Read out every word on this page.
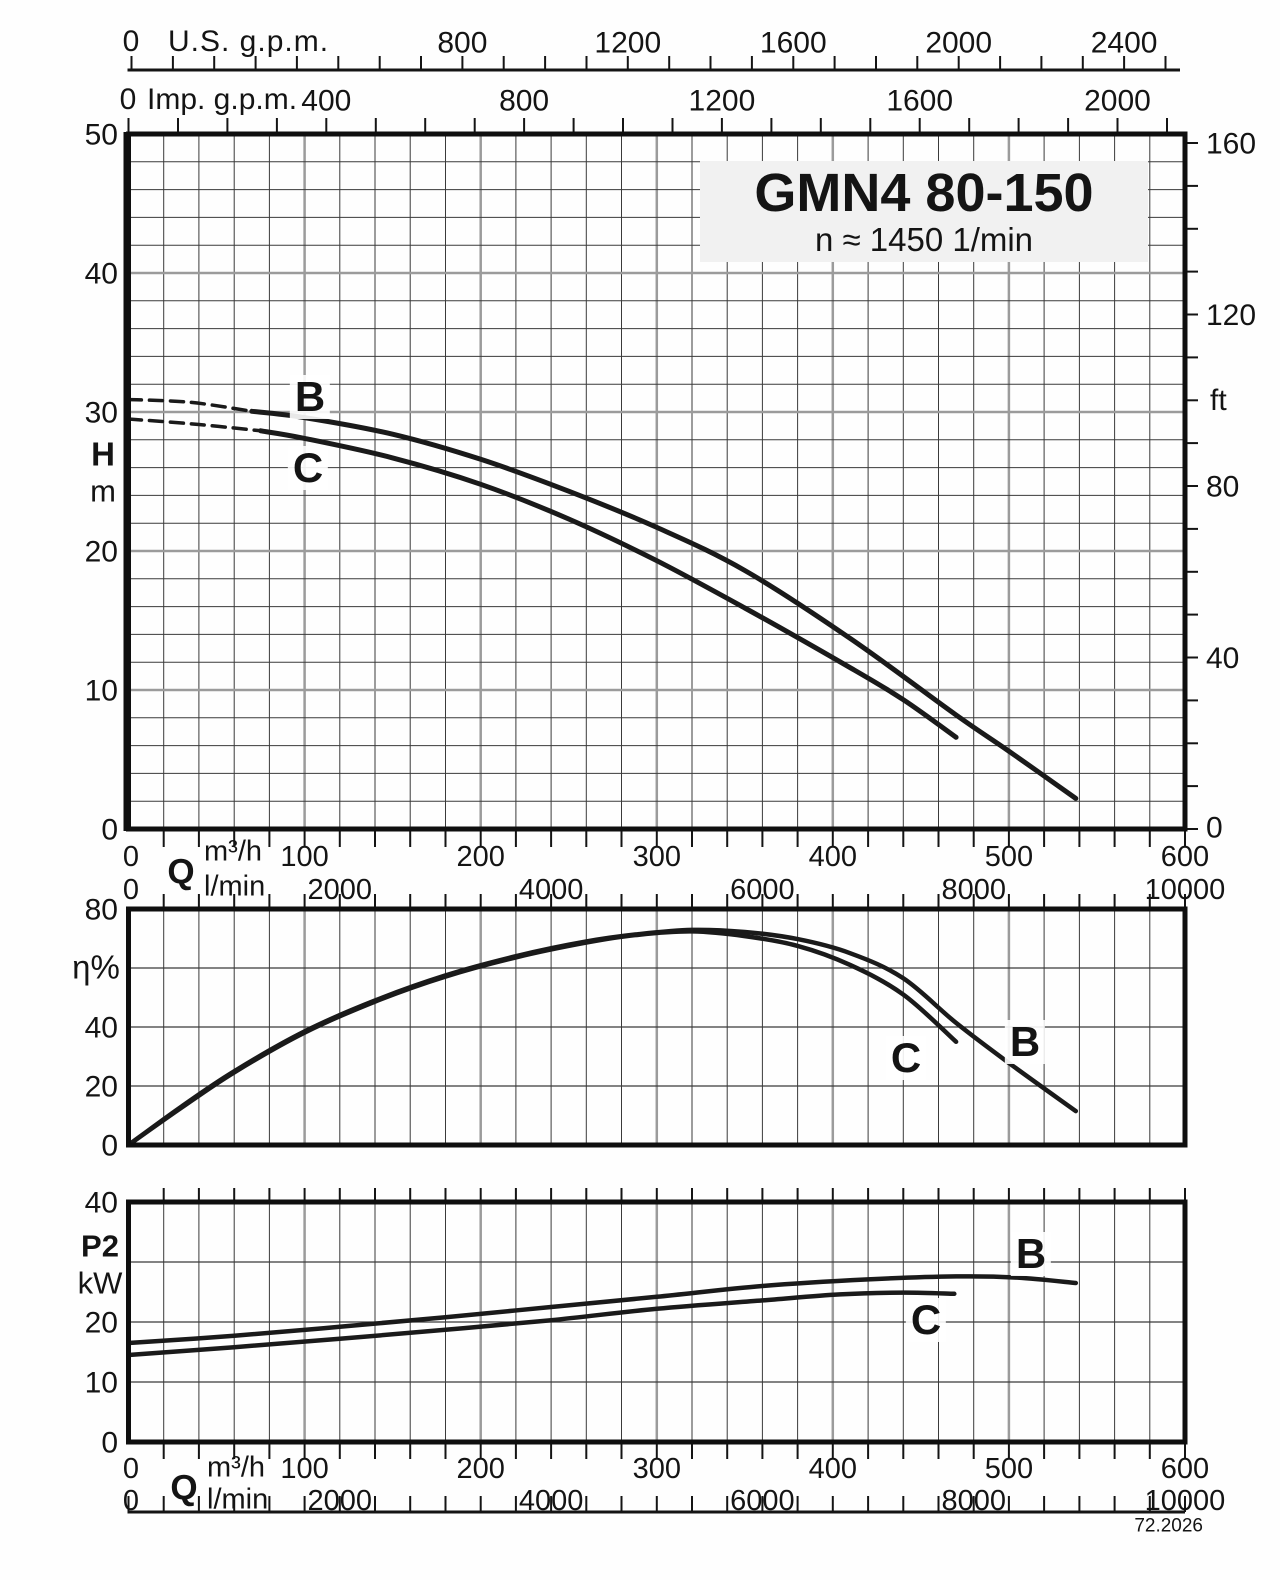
800	1200	1600	2000	2400
400	800	1200	1600	2000
0
10
20
30
40
50
0
40
80
120
160
0	100	200	300	400	500	600
0	2000	4000	6000	8000	10000
0
20
40
80
0
10
20
40
0	100	200	300	400	500	600
0	2000	4000	6000	8000	10000
GMN4 80-150
n ≈ 1450 1/min
0 U.S. g.p.m.
0 Imp. g.p.m.
H
m
ft
η%
P2
kW
Q
m³/h
l/min
Q
m³/h
l/min
B
C
B
C
B
C
72.2026
